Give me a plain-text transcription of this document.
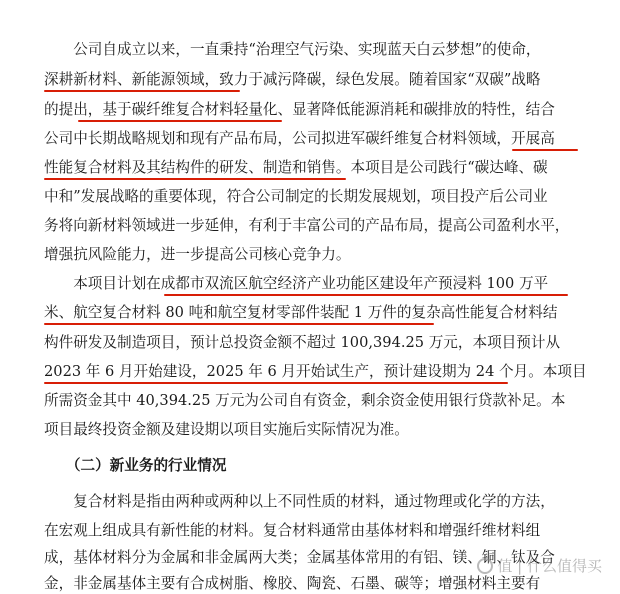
　　公司自成立以来，一直秉持“治理空气污染、实现蓝天白云梦想”的使命，
深耕新材料、新能源领域，致力于减污降碳，绿色发展。随着国家“双碳”战略
的提出，基于碳纤维复合材料轻量化、显著降低能源消耗和碳排放的特性，结合
公司中长期战略规划和现有产品布局，公司拟进军碳纤维复合材料领域，开展高
性能复合材料及其结构件的研发、制造和销售。本项目是公司践行“碳达峰、碳
中和”发展战略的重要体现，符合公司制定的长期发展规划，项目投产后公司业
务将向新材料领域进一步延伸，有利于丰富公司的产品布局，提高公司盈利水平，
增强抗风险能力，进一步提高公司核心竞争力。
　　本项目计划在成都市双流区航空经济产业功能区建设年产预浸料 100 万平
米、航空复合材料 80 吨和航空复材零部件装配 1 万件的复杂高性能复合材料结
构件研发及制造项目，预计总投资金额不超过 100,394.25 万元，本项目预计从
2023 年 6 月开始建设，2025 年 6 月开始试生产，预计建设期为 24 个月。本项目
所需资金其中 40,394.25 万元为公司自有资金，剩余资金使用银行贷款补足。本
项目最终投资金额及建设期以项目实施后实际情况为准。
　　（二）新业务的行业情况
　　复合材料是指由两种或两种以上不同性质的材料，通过物理或化学的方法，
在宏观上组成具有新性能的材料。复合材料通常由基体材料和增强纤维材料组
成，基体材料分为金属和非金属两大类；金属基体常用的有铝、镁、铜、钛及合
金，非金属基体主要有合成树脂、橡胶、陶瓷、石墨、碳等；增强材料主要有
值 | 什么值得买
